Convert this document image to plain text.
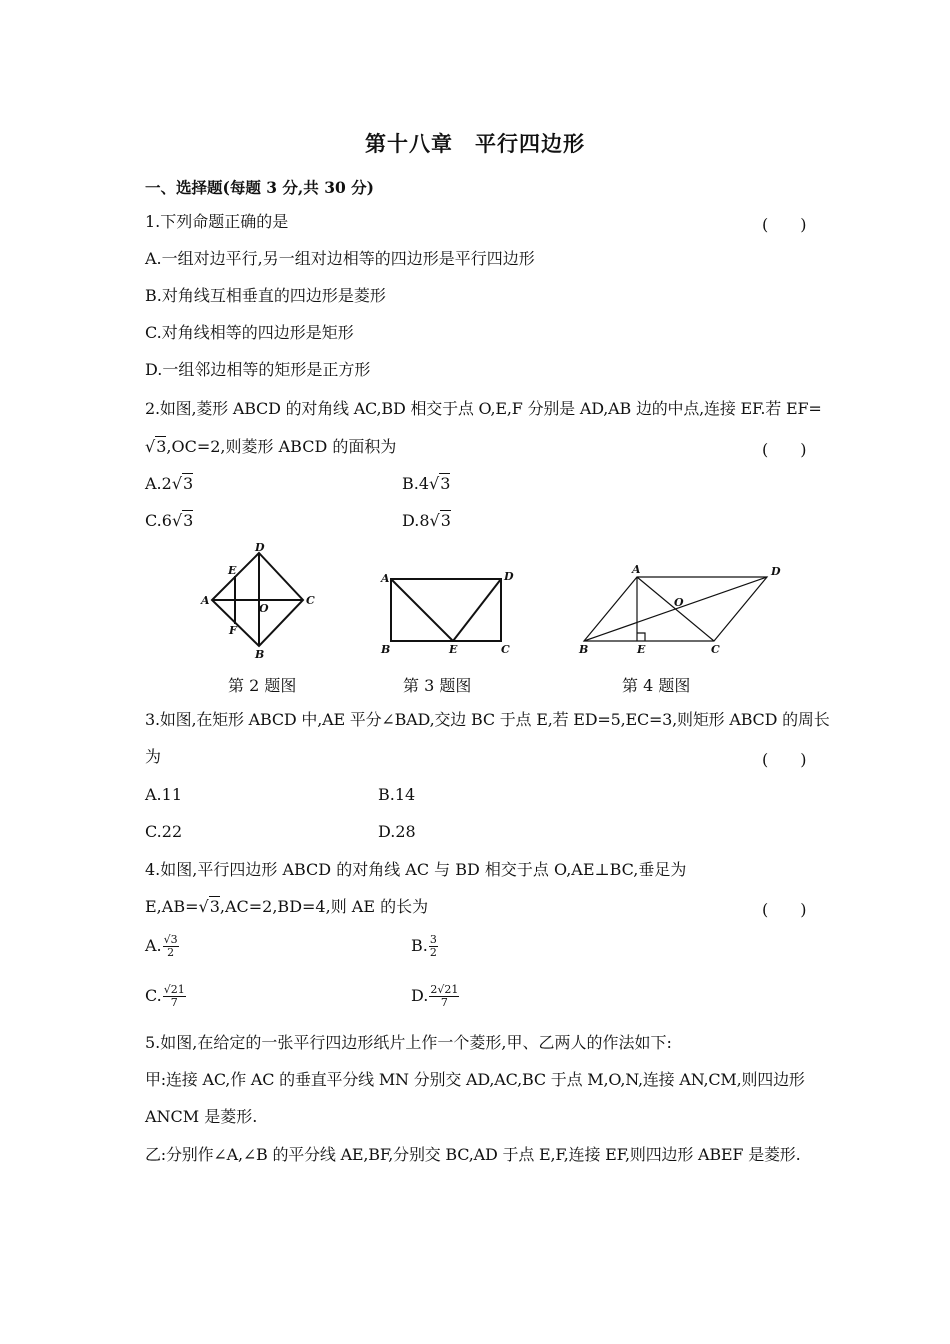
第十八章　平行四边形
一、选择题(每题 3 分,共 30 分)
1.下列命题正确的是	(　　)
A.一组对边平行,另一组对边相等的四边形是平行四边形
B.对角线互相垂直的四边形是菱形
C.对角线相等的四边形是矩形
D.一组邻边相等的矩形是正方形
2.如图,菱形 ABCD 的对角线 AC,BD 相交于点 O,E,F 分别是 AD,AB 边的中点,连接 EF.若 EF=
√3,OC=2,则菱形 ABCD 的面积为	(　　)
A.2√3	B.4√3
C.6√3	D.8√3
D
E
A
O
C
F
B
第 2 题图
A	D
B	E	C
第 3 题图
A	D
O
B	E	C
第 4 题图
3.如图,在矩形 ABCD 中,AE 平分∠BAD,交边 BC 于点 E,若 ED=5,EC=3,则矩形 ABCD 的周长
为	(　　)
A.11	B.14
C.22	D.28
4.如图,平行四边形 ABCD 的对角线 AC 与 BD 相交于点 O,AE⊥BC,垂足为
E,AB=√3,AC=2,BD=4,则 AE 的长为	(　　)
A. $\frac{√3}{2}$	B. $\frac{3}{2}$
C. $\frac{√21}{7}$	D. $\frac{2√21}{7}$
5.如图,在给定的一张平行四边形纸片上作一个菱形,甲、乙两人的作法如下:
甲:连接 AC,作 AC 的垂直平分线 MN 分别交 AD,AC,BC 于点 M,O,N,连接 AN,CM,则四边形
ANCM 是菱形.
乙:分别作∠A,∠B 的平分线 AE,BF,分别交 BC,AD 于点 E,F,连接 EF,则四边形 ABEF 是菱形.
